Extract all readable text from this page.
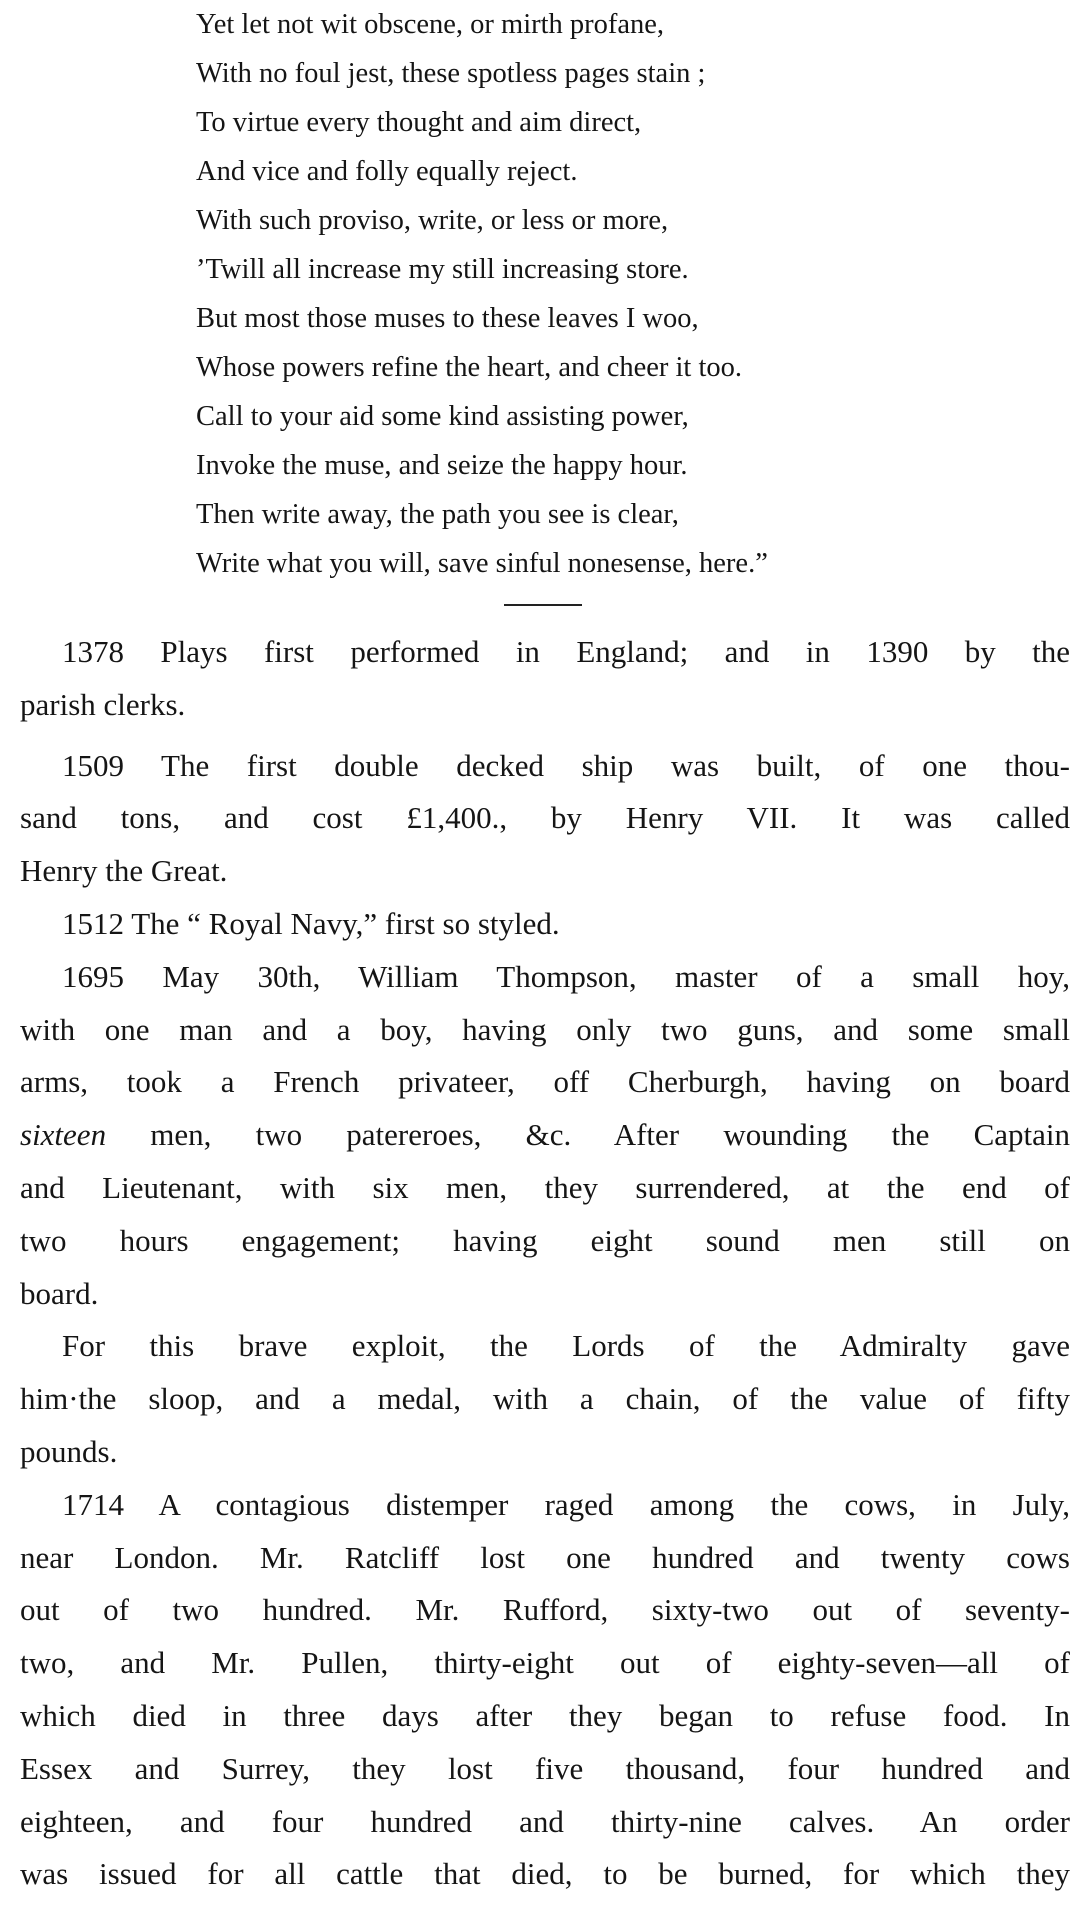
Yet let not wit obscene, or mirth profane,
With no foul jest, these spotless pages stain ;
To virtue every thought and aim direct,
And vice and folly equally reject.
With such proviso, write, or less or more,
’Twill all increase my still increasing store.
But most those muses to these leaves I woo,
Whose powers refine the heart, and cheer it too.
Call to your aid some kind assisting power,
Invoke the muse, and seize the happy hour.
Then write away, the path you see is clear,
Write what you will, save sinful nonesense, here.”
1378 Plays first performed in England; and in 1390 by the
parish clerks.
1509 The first double decked ship was built, of one thou-
sand tons, and cost £1,400., by Henry VII. It was called
Henry the Great.
1512 The “ Royal Navy,” first so styled.
1695 May 30th, William Thompson, master of a small hoy,
with one man and a boy, having only two guns, and some small
arms, took a French privateer, off Cherburgh, having on board
sixteen men, two patereroes, &c. After wounding the Captain
and Lieutenant, with six men, they surrendered, at the end of
two hours engagement; having eight sound men still on
board.
For this brave exploit, the Lords of the Admiralty gave
him·the sloop, and a medal, with a chain, of the value of fifty
pounds.
1714 A contagious distemper raged among the cows, in July,
near London. Mr. Ratcliff lost one hundred and twenty cows
out of two hundred. Mr. Rufford, sixty-two out of seventy-
two, and Mr. Pullen, thirty-eight out of eighty-seven—all of
which died in three days after they began to refuse food. In
Essex and Surrey, they lost five thousand, four hundred and
eighteen, and four hundred and thirty-nine calves. An order
was issued for all cattle that died, to be burned, for which they
